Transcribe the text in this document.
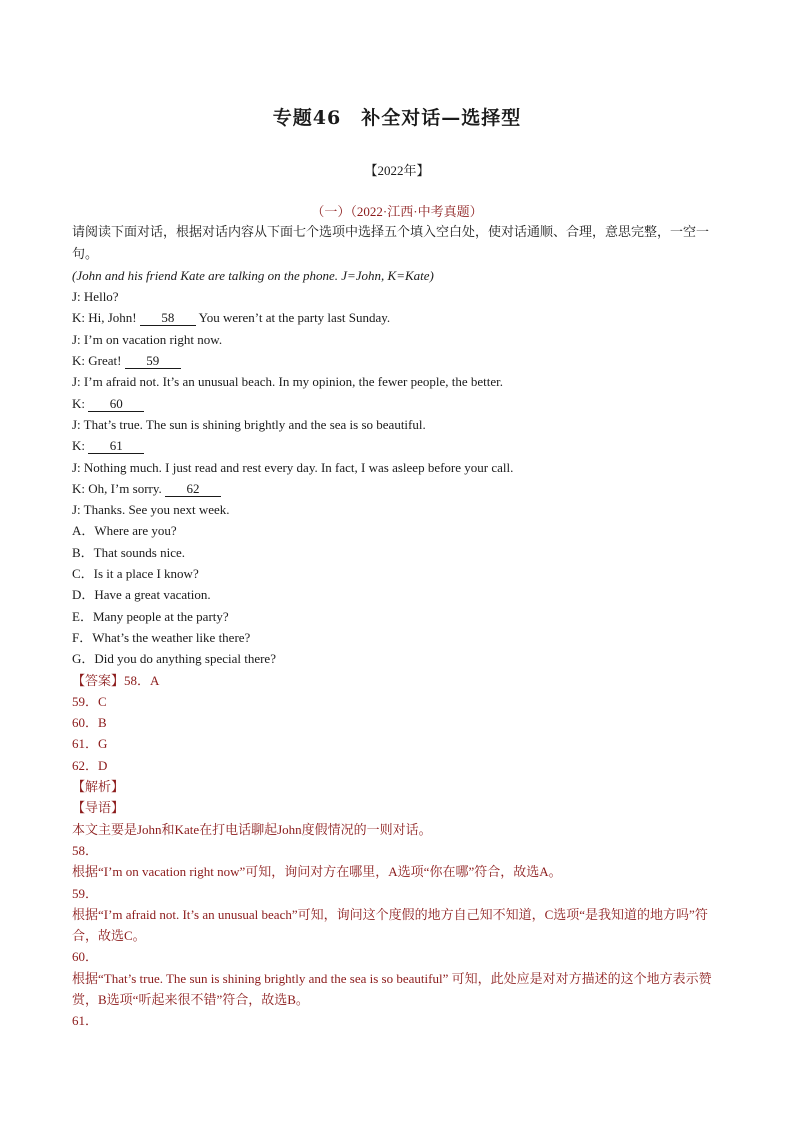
专题46　补全对话—选择型
【2022年】
（一）（2022·江西·中考真题）
请阅读下面对话，根据对话内容从下面七个选项中选择五个填入空白处，使对话通顺、合理，意思完整，一空一句。
(John and his friend Kate are talking on the phone. J=John, K=Kate)
J: Hello?
K: Hi, John! 58 You weren’t at the party last Sunday.
J: I’m on vacation right now.
K: Great! 59
J: I’m afraid not. It’s an unusual beach. In my opinion, the fewer people, the better.
K: 60
J: That’s true. The sun is shining brightly and the sea is so beautiful.
K: 61
J: Nothing much. I just read and rest every day. In fact, I was asleep before your call.
K: Oh, I’m sorry. 62
J: Thanks. See you next week.
A．Where are you?
B．That sounds nice.
C．Is it a place I know?
D．Have a great vacation.
E．Many people at the party?
F．What’s the weather like there?
G．Did you do anything special there?
【答案】58．A
59．C
60．B
61．G
62．D
【解析】
【导语】
本文主要是John和Kate在打电话聊起John度假情况的一则对话。
58．
根据“I’m on vacation right now”可知，询问对方在哪里，A选项“你在哪”符合，故选A。
59．
根据“I’m afraid not. It’s an unusual beach”可知，询问这个度假的地方自己知不知道，C选项“是我知道的地方吗”符合，故选C。
60．
根据“That’s true. The sun is shining brightly and the sea is so beautiful” 可知，此处应是对对方描述的这个地方表示赞赏，B选项“听起来很不错”符合，故选B。
61．
